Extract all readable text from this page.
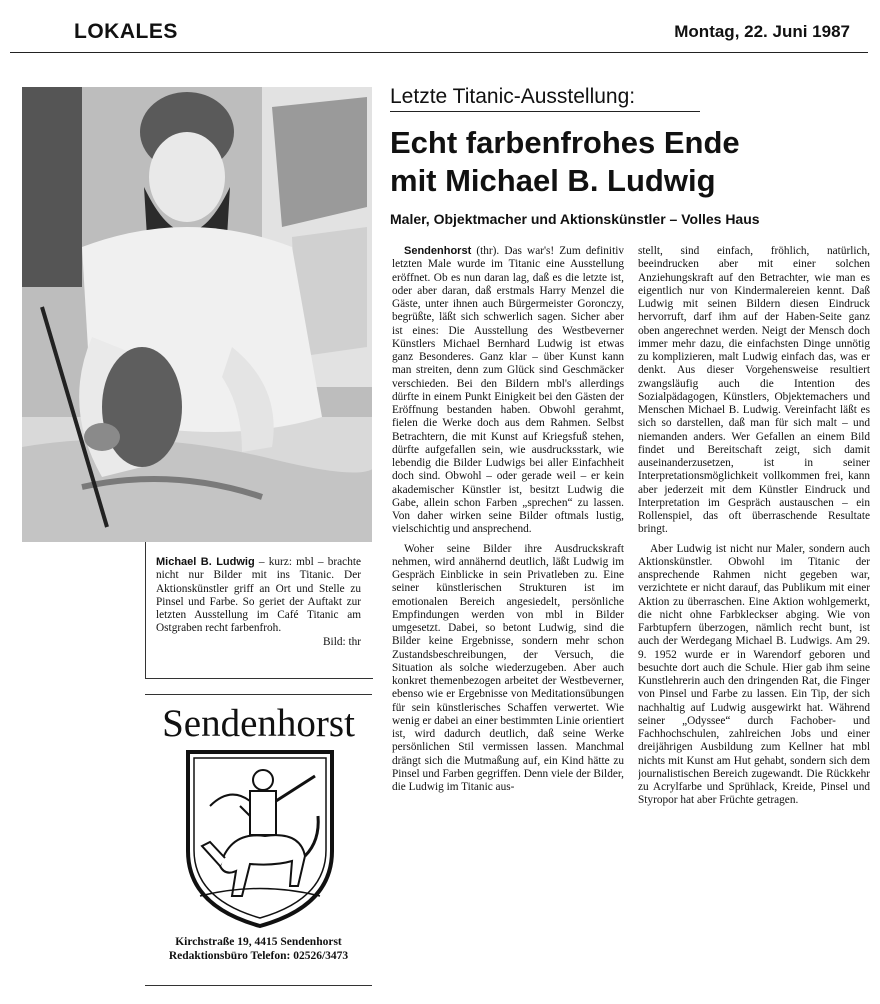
LOKALES	Montag, 22. Juni 1987
Michael B. Ludwig – kurz: mbl – brachte nicht nur Bilder mit ins Titanic. Der Aktionskünstler griff an Ort und Stelle zu Pinsel und Farbe. So geriet der Auftakt zur letzten Ausstellung im Café Titanic am Ostgraben recht farbenfroh.
Bild: thr
Sendenhorst
Kirchstraße 19, 4415 Sendenhorst
Redaktionsbüro Telefon: 02526/3473
Letzte Titanic-Ausstellung:
Echt farbenfrohes Ende
mit Michael B. Ludwig
Maler, Objektmacher und Aktionskünstler – Volles Haus

Sendenhorst (thr). Das war's! Zum definitiv letzten Male wurde im Titanic eine Ausstellung eröffnet. Ob es nun daran lag, daß es die letzte ist, oder aber daran, daß erstmals Harry Menzel die Gäste, unter ihnen auch Bürgermeister Goronczy, begrüßte, läßt sich schwerlich sagen. Sicher aber ist eines: Die Ausstellung des Westbeverner Künstlers Michael Bernhard Ludwig ist etwas ganz Besonderes. Ganz klar – über Kunst kann man streiten, denn zum Glück sind Geschmäcker verschieden. Bei den Bildern mbl's allerdings dürfte in einem Punkt Einigkeit bei den Gästen der Eröffnung bestanden haben. Obwohl gerahmt, fielen die Werke doch aus dem Rahmen. Selbst Betrachtern, die mit Kunst auf Kriegsfuß stehen, dürfte aufgefallen sein, wie ausdrucksstark, wie lebendig die Bilder Ludwigs bei aller Einfachheit doch sind. Obwohl – oder gerade weil – er kein akademischer Künstler ist, besitzt Ludwig die Gabe, allein schon Farben „sprechen“ zu lassen. Von daher wirken seine Bilder oftmals lustig, vielschichtig und ansprechend.

Woher seine Bilder ihre Ausdruckskraft nehmen, wird annähernd deutlich, läßt Ludwig im Gespräch Einblicke in sein Privatleben zu. Eine seiner künstlerischen Strukturen ist im emotionalen Bereich angesiedelt, persönliche Empfindungen werden von mbl in Bilder umgesetzt. Dabei, so betont Ludwig, sind die Bilder keine Ergebnisse, sondern mehr schon Zustandsbeschreibungen, der Versuch, die Situation als solche wiederzugeben. Aber auch konkret themenbezogen arbeitet der Westbeverner, ebenso wie er Ergebnisse von Meditationsübungen für sein künstlerisches Schaffen verwertet. Wie wenig er dabei an einer bestimmten Linie orientiert ist, wird dadurch deutlich, daß seine Werke persönlichen Stil vermissen lassen. Manchmal drängt sich die Mutmaßung auf, ein Kind hätte zu Pinsel und Farben gegriffen. Denn viele der Bilder, die Ludwig im Titanic aus-

stellt, sind einfach, fröhlich, natürlich, beeindrucken aber mit einer solchen Anziehungskraft auf den Betrachter, wie man es eigentlich nur von Kindermalereien kennt. Daß Ludwig mit seinen Bildern diesen Eindruck hervorruft, darf ihm auf der Haben-Seite ganz oben angerechnet werden. Neigt der Mensch doch immer mehr dazu, die einfachsten Dinge unnötig zu komplizieren, malt Ludwig einfach das, was er denkt. Aus dieser Vorgehensweise resultiert zwangsläufig auch die Intention des Sozialpädagogen, Künstlers, Objektemachers und Menschen Michael B. Ludwig. Vereinfacht läßt es sich so darstellen, daß man für sich malt – und niemanden anders. Wer Gefallen an einem Bild findet und Bereitschaft zeigt, sich damit auseinanderzusetzen, ist in seiner Interpretationsmöglichkeit vollkommen frei, kann aber jederzeit mit dem Künstler Eindruck und Interpretation im Gespräch austauschen – ein Rollenspiel, das oft überraschende Resultate bringt.

Aber Ludwig ist nicht nur Maler, sondern auch Aktionskünstler. Obwohl im Titanic der ansprechende Rahmen nicht gegeben war, verzichtete er nicht darauf, das Publikum mit einer Aktion zu überraschen. Eine Aktion wohlgemerkt, die nicht ohne Farbkleckser abging. Wie von Farbtupfern überzogen, nämlich recht bunt, ist auch der Werdegang Michael B. Ludwigs. Am 29. 9. 1952 wurde er in Warendorf geboren und besuchte dort auch die Schule. Hier gab ihm seine Kunstlehrerin auch den dringenden Rat, die Finger von Pinsel und Farbe zu lassen. Ein Tip, der sich nachhaltig auf Ludwig ausgewirkt hat. Während seiner „Odyssee“ durch Fachober- und Fachhochschulen, zahlreichen Jobs und einer dreijährigen Ausbildung zum Kellner hat mbl nichts mit Kunst am Hut gehabt, sondern sich dem journalistischen Bereich zugewandt. Die Rückkehr zu Acrylfarbe und Sprühlack, Kreide, Pinsel und Styropor hat aber Früchte getragen.
